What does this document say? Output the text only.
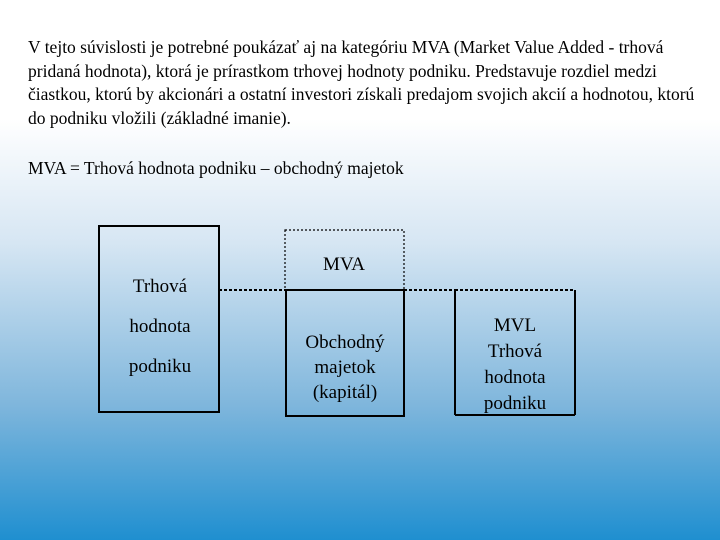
V tejto súvislosti je potrebné poukázať aj na kategóriu MVA (Market Value Added - trhová pridaná hodnota), ktorá je prírastkom trhovej hodnoty podniku. Predstavuje rozdiel medzi čiastkou, ktorú by akcionári a ostatní investori získali predajom svojich akcií a hodnotou, ktorú do podniku vložili (základné imanie).

MVA = Trhová hodnota podniku – obchodný majetok

Trhová
hodnota
podniku
MVA
Obchodný
majetok
(kapitál)
MVL
Trhová
hodnota
podniku
